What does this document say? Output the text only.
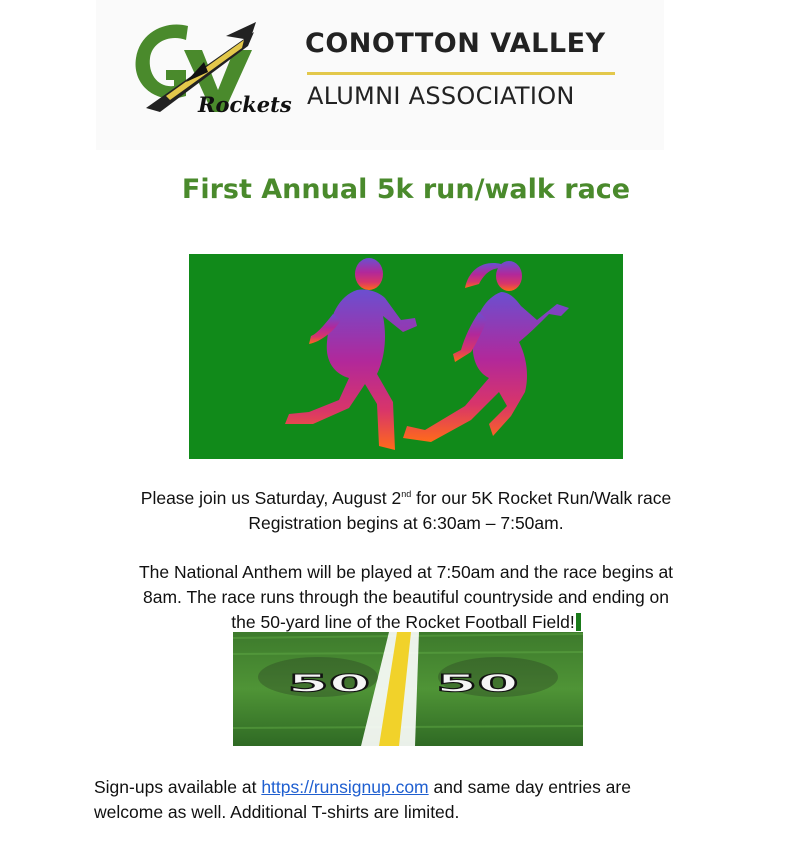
Rockets
CONOTTON VALLEY
ALUMNI ASSOCIATION
First Annual 5k run/walk race

Please join us Saturday, August 2nd for our 5K Rocket Run/Walk race
Registration begins at 6:30am – 7:50am.

The National Anthem will be played at 7:50am and the race begins at
8am. The race runs through the beautiful countryside and ending on
the 50-yard line of the Rocket Football Field!

50 50

Sign-ups available at https://runsignup.com and same day entries are
welcome as well. Additional T-shirts are limited.
